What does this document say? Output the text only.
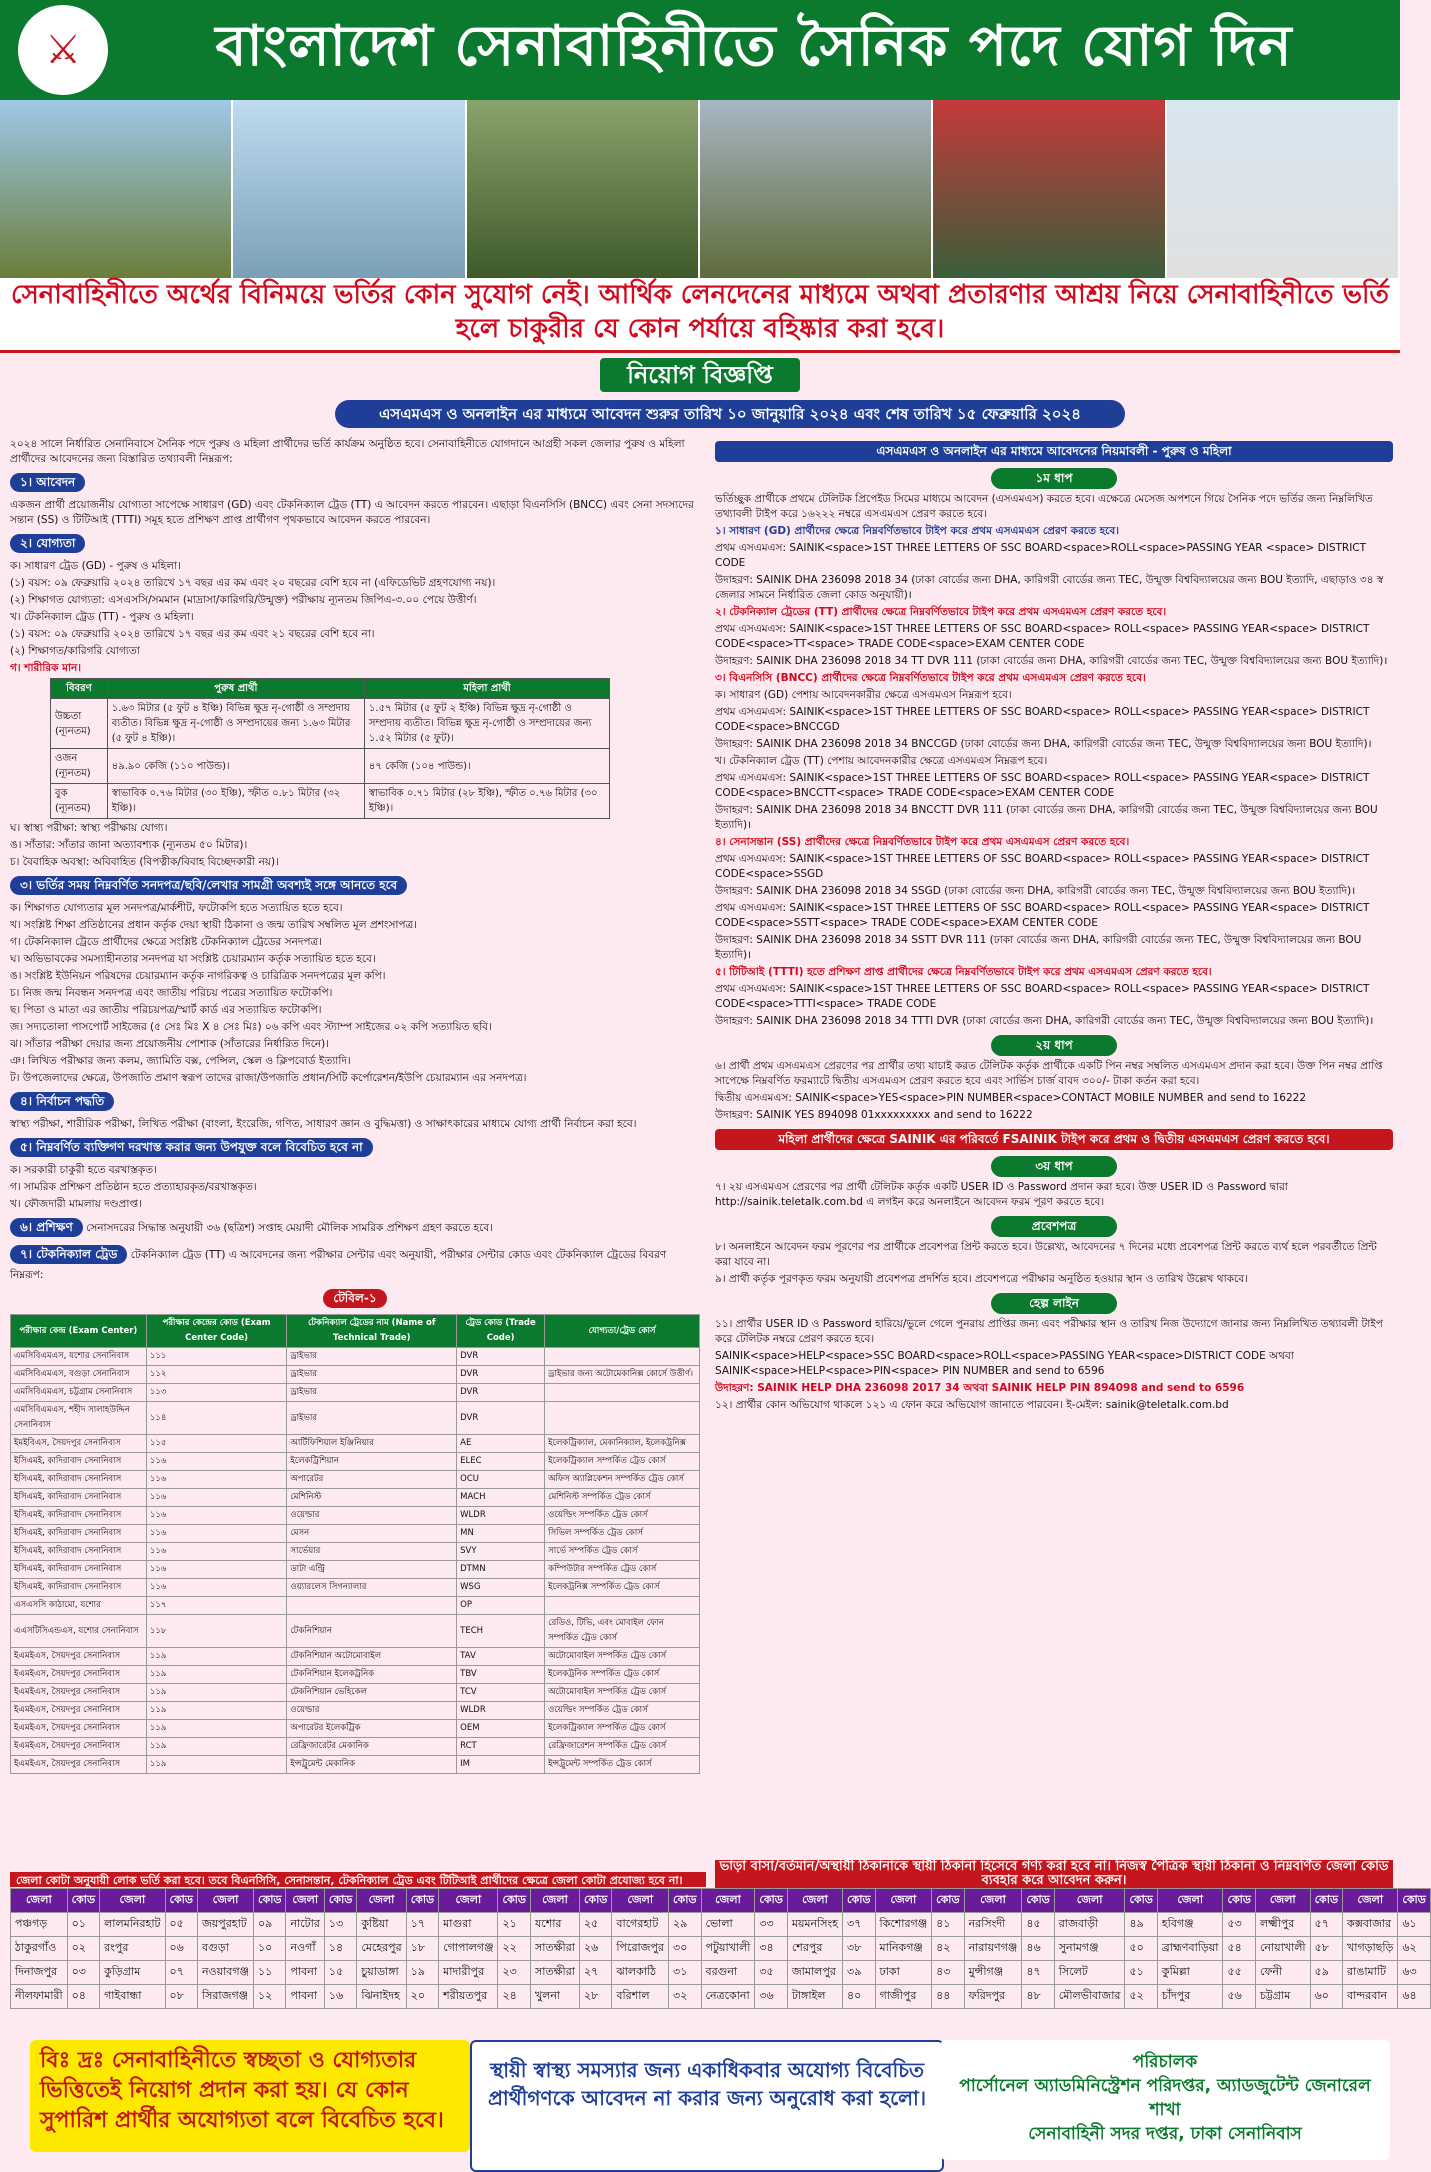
⚔	বাংলাদেশ সেনাবাহিনীতে সৈনিক পদে যোগ দিন
সেনাবাহিনীতে অর্থের বিনিময়ে ভর্তির কোন সুযোগ নেই। আর্থিক লেনদেনের মাধ্যমে অথবা প্রতারণার আশ্রয় নিয়ে সেনাবাহিনীতে ভর্তি হলে চাকুরীর যে কোন পর্যায়ে বহিষ্কার করা হবে।
নিয়োগ বিজ্ঞপ্তি
এসএমএস ও অনলাইন এর মাধ্যমে আবেদন শুরুর তারিখ ১০ জানুয়ারি ২০২৪ এবং শেষ তারিখ ১৫ ফেব্রুয়ারি ২০২৪
২০২৪ সালে নির্ধারিত সেনানিবাসে সৈনিক পদে পুরুষ ও মহিলা প্রার্থীদের ভর্তি কার্যক্রম অনুষ্ঠিত হবে। সেনাবাহিনীতে যোগদানে আগ্রহী সকল জেলার পুরুষ ও মহিলা প্রার্থীদের আবেদনের জন্য বিস্তারিত তথ্যাবলী নিম্নরূপ:
১। আবেদন
একজন প্রার্থী প্রয়োজনীয় যোগ্যতা সাপেক্ষে সাধারণ (GD) এবং টেকনিক্যাল ট্রেড (TT) এ আবেদন করতে পারবেন। এছাড়া বিএনসিসি (BNCC) এবং সেনা সদস্যদের সন্তান (SS) ও টিটিআই (TTTI) সমূহ হতে প্রশিক্ষণ প্রাপ্ত প্রার্থীগণ পৃথকভাবে আবেদন করতে পারবেন।
২। যোগ্যতা
ক। সাধারণ ট্রেড (GD) - পুরুষ ও মহিলা।
(১) বয়স: ০৯ ফেব্রুয়ারি ২০২৪ তারিখে ১৭ বছর এর কম এবং ২০ বছরের বেশি হবে না (এফিডেভিট গ্রহণযোগ্য নয়)।
(২) শিক্ষাগত যোগ্যতা: এসএসসি/সমমান (মাদ্রাসা/কারিগরি/উন্মুক্ত) পরীক্ষায় ন্যূনতম জিপিএ-৩.০০ পেয়ে উত্তীর্ণ।
খ। টেকনিক্যাল ট্রেড (TT) - পুরুষ ও মহিলা।
(১) বয়স: ০৯ ফেব্রুয়ারি ২০২৪ তারিখে ১৭ বছর এর কম এবং ২১ বছরের বেশি হবে না।
(২) শিক্ষাগত/কারিগরি যোগ্যতা
গ। শারীরিক মান।
বিবরণ	পুরুষ প্রার্থী	মহিলা প্রার্থী
উচ্চতা (ন্যূনতম)	১.৬৩ মিটার (৫ ফুট ৪ ইঞ্চি) বিভিন্ন ক্ষুদ্র নৃ-গোষ্ঠী ও সম্প্রদায় ব্যতীত। বিভিন্ন ক্ষুদ্র নৃ-গোষ্ঠী ও সম্প্রদায়ের জন্য ১.৬৩ মিটার (৫ ফুট ৪ ইঞ্চি)।	১.৫৭ মিটার (৫ ফুট ২ ইঞ্চি) বিভিন্ন ক্ষুদ্র নৃ-গোষ্ঠী ও সম্প্রদায় ব্যতীত। বিভিন্ন ক্ষুদ্র নৃ-গোষ্ঠী ও সম্প্রদায়ের জন্য ১.৫২ মিটার (৫ ফুট)।
ওজন (ন্যূনতম)	৪৯.৯০ কেজি (১১০ পাউন্ড)।	৪৭ কেজি (১০৪ পাউন্ড)।
বুক (ন্যূনতম)	স্বাভাবিক ০.৭৬ মিটার (৩০ ইঞ্চি), স্ফীত ০.৮১ মিটার (৩২ ইঞ্চি)।	স্বাভাবিক ০.৭১ মিটার (২৮ ইঞ্চি), স্ফীত ০.৭৬ মিটার (৩০ ইঞ্চি)।
ঘ। স্বাস্থ্য পরীক্ষা: স্বাস্থ্য পরীক্ষায় যোগ্য।
ঙ। সাঁতার: সাঁতার জানা অত্যাবশ্যক (ন্যূনতম ৫০ মিটার)।
চ। বৈবাহিক অবস্থা: অবিবাহিত (বিপত্নীক/বিবাহ বিচ্ছেদকারী নয়)।
৩। ভর্তির সময় নিম্নবর্ণিত সনদপত্র/ছবি/লেখার সামগ্রী অবশ্যই সঙ্গে আনতে হবে
ক। শিক্ষাগত যোগ্যতার মূল সনদপত্র/মার্কশীট, ফটোকপি হতে সত্যায়িত হতে হবে।
খ। সংশ্লিষ্ট শিক্ষা প্রতিষ্ঠানের প্রধান কর্তৃক দেয়া স্থায়ী ঠিকানা ও জন্ম তারিখ সম্বলিত মূল প্রশংসাপত্র।
গ। টেকনিক্যাল ট্রেডে প্রার্থীদের ক্ষেত্রে সংশ্লিষ্ট টেকনিক্যাল ট্রেডের সনদপত্র।
ঘ। অভিভাবকের সমস্যাহীনতার সনদপত্র যা সংশ্লিষ্ট চেয়ারম্যান কর্তৃক সত্যায়িত হতে হবে।
ঙ। সংশ্লিষ্ট ইউনিয়ন পরিষদের চেয়ারম্যান কর্তৃক নাগরিকত্ব ও চারিত্রিক সনদপত্রের মূল কপি।
চ। নিজ জন্ম নিবন্ধন সনদপত্র এবং জাতীয় পরিচয় পত্রের সত্যায়িত ফটোকপি।
ছ। পিতা ও মাতা এর জাতীয় পরিচয়পত্র/স্মার্ট কার্ড এর সত্যায়িত ফটোকপি।
জ। সদ্যতোলা পাসপোর্ট সাইজের (৫ সেঃ মিঃ X ৪ সেঃ মিঃ) ০৬ কপি এবং স্ট্যাম্প সাইজের ০২ কপি সত্যায়িত ছবি।
ঝ। সাঁতার পরীক্ষা দেয়ার জন্য প্রয়োজনীয় পোশাক (সাঁতারের নির্ধারিত দিনে)।
ঞ। লিখিত পরীক্ষার জন্য কলম, জ্যামিতি বক্স, পেন্সিল, স্কেল ও ক্লিপবোর্ড ইত্যাদি।
ট। উপজেলাদের ক্ষেত্রে, উপজাতি প্রমাণ স্বরূপ তাদের রাজা/উপজাতি প্রধান/সিটি কর্পোরেশন/ইউপি চেয়ারম্যান এর সনদপত্র।
৪। নির্বাচন পদ্ধতি
স্বাস্থ্য পরীক্ষা, শারীরিক পরীক্ষা, লিখিত পরীক্ষা (বাংলা, ইংরেজি, গণিত, সাধারণ জ্ঞান ও বুদ্ধিমত্তা) ও সাক্ষাৎকারের মাধ্যমে যোগ্য প্রার্থী নির্বাচন করা হবে।
৫। নিম্নবর্ণিত ব্যক্তিগণ দরখাস্ত করার জন্য উপযুক্ত বলে বিবেচিত হবে না
ক। সরকারী চাকুরী হতে বরখাস্তকৃত।
গ। সামরিক প্রশিক্ষণ প্রতিষ্ঠান হতে প্রত্যাহারকৃত/বরখাস্তকৃত।
খ। ফৌজদারী মামলায় দণ্ডপ্রাপ্ত।
৬। প্রশিক্ষণ সেনাসদরের সিদ্ধান্ত অনুযায়ী ৩৬ (ছত্রিশ) সপ্তাহ মেয়াদী মৌলিক সামরিক প্রশিক্ষণ গ্রহণ করতে হবে।
৭। টেকনিক্যাল ট্রেড টেকনিক্যাল ট্রেড (TT) এ আবেদনের জন্য পরীক্ষার সেন্টার এবং অনুযায়ী, পরীক্ষার সেন্টার কোড এবং টেকনিক্যাল ট্রেডের বিবরণ নিম্নরূপ:
টেবিল-১
পরীক্ষার কেন্দ্র (Exam Center)	পরীক্ষার কেন্দ্রের কোড (Exam Center Code)	টেকনিক্যাল ট্রেডের নাম (Name of Technical Trade)	ট্রেড কোড (Trade Code)	যোগ্যতা/ট্রেড কোর্স
এমসিবিএমএস, যশোর সেনানিবাস	১১১	ড্রাইভার	DVR	
এমসিবিএমএস, বগুড়া সেনানিবাস	১১২	ড্রাইভার	DVR	ড্রাইভার জন্য অটোমেকানিক্স কোর্সে উত্তীর্ণ।
এমসিবিএমএস, চট্টগ্রাম সেনানিবাস	১১৩	ড্রাইভার	DVR	
এমসিবিএমএস, শহীদ সালাহউদ্দিন সেনানিবাস	১১৪	ড্রাইভার	DVR	
ইমইবিএস, সৈয়দপুর সেনানিবাস	১১৫	আর্টিফিশিয়াল ইঞ্জিনিয়ার	AE	ইলেকট্রিক্যাল, মেকানিক্যাল, ইলেকট্রনিক্স
ইসিএমই, কাদিরাবাদ সেনানিবাস	১১৬	ইলেকট্রিশিয়ান	ELEC	ইলেকট্রিক্যাল সম্পর্কিত ট্রেড কোর্স
ইসিএমই, কাদিরাবাদ সেনানিবাস	১১৬	অপারেটর	OCU	অফিস অ্যাপ্লিকেশন সম্পর্কিত ট্রেড কোর্স
ইসিএমই, কাদিরাবাদ সেনানিবাস	১১৬	মেশিনিস্ট	MACH	মেশিনিস্ট সম্পর্কিত ট্রেড কোর্স
ইসিএমই, কাদিরাবাদ সেনানিবাস	১১৬	ওয়েল্ডার	WLDR	ওয়েল্ডিং সম্পর্কিত ট্রেড কোর্স
ইসিএমই, কাদিরাবাদ সেনানিবাস	১১৬	মেসন	MN	সিভিল সম্পর্কিত ট্রেড কোর্স
ইসিএমই, কাদিরাবাদ সেনানিবাস	১১৬	সার্ভেয়ার	SVY	সার্ভে সম্পর্কিত ট্রেড কোর্স
ইসিএমই, কাদিরাবাদ সেনানিবাস	১১৬	ডাটা এন্ট্রি	DTMN	কম্পিউটার সম্পর্কিত ট্রেড কোর্স
ইসিএমই, কাদিরাবাদ সেনানিবাস	১১৬	ওয়্যারলেস সিগন্যালার	WSG	ইলেকট্রনিক্স সম্পর্কিত ট্রেড কোর্স
এসএসসি কাঠামো, যশোর	১১৭		OP	
এএসটিসিএন্ডএস, যশোর সেনানিবাস	১১৮	টেকনিশিয়ান	TECH	রেডিও, টিভি, এবং মোবাইল ফোন সম্পর্কিত ট্রেড কোর্স
ইএমইএস, সৈয়দপুর সেনানিবাস	১১৯	টেকনিশিয়ান অটোমোবাইল	TAV	অটোমোবাইল সম্পর্কিত ট্রেড কোর্স
ইএমইএস, সৈয়দপুর সেনানিবাস	১১৯	টেকনিশিয়ান ইলেকট্রনিক	TBV	ইলেকট্রনিক সম্পর্কিত ট্রেড কোর্স
ইএমইএস, সৈয়দপুর সেনানিবাস	১১৯	টেকনিশিয়ান ভেহিকেল	TCV	অটোমোবাইল সম্পর্কিত ট্রেড কোর্স
ইএমইএস, সৈয়দপুর সেনানিবাস	১১৯	ওয়েল্ডার	WLDR	ওয়েল্ডিং সম্পর্কিত ট্রেড কোর্স
ইএমইএস, সৈয়দপুর সেনানিবাস	১১৯	অপারেটর ইলেকট্রিক	OEM	ইলেকট্রিক্যাল সম্পর্কিত ট্রেড কোর্স
ইএমইএস, সৈয়দপুর সেনানিবাস	১১৯	রেফ্রিজারেটর মেকানিক	RCT	রেফ্রিজারেশন সম্পর্কিত ট্রেড কোর্স
ইএমইএস, সৈয়দপুর সেনানিবাস	১১৯	ইন্সট্রুমেন্ট মেকানিক	IM	ইন্সট্রুমেন্ট সম্পর্কিত ট্রেড কোর্স
এসএমএস ও অনলাইন এর মাধ্যমে আবেদনের নিয়মাবলী - পুরুষ ও মহিলা
১ম ধাপ
ভর্তিচ্ছুক প্রার্থীকে প্রথমে টেলিটক প্রিপেইড সিমের মাধ্যমে আবেদন (এসএমএস) করতে হবে। এক্ষেত্রে মেসেজ অপশনে গিয়ে সৈনিক পদে ভর্তির জন্য নিম্নলিখিত তথ্যাবলী টাইপ করে ১৬২২২ নম্বরে এসএমএস প্রেরণ করতে হবে।
১। সাধারণ (GD) প্রার্থীদের ক্ষেত্রে নিম্নবর্ণিতভাবে টাইপ করে প্রথম এসএমএস প্রেরণ করতে হবে।
প্রথম এসএমএস: SAINIK<space>1ST THREE LETTERS OF SSC BOARD<space>ROLL<space>PASSING YEAR <space> DISTRICT CODE
উদাহরণ: SAINIK DHA 236098 2018 34 (ঢাকা বোর্ডের জন্য DHA, কারিগরী বোর্ডের জন্য TEC, উন্মুক্ত বিশ্ববিদ্যালয়ের জন্য BOU ইত্যাদি, এছাড়াও ৩৪ স্ব জেলার সামনে নির্ধারিত জেলা কোড অনুযায়ী)।
২। টেকনিক্যাল ট্রেডের (TT) প্রার্থীদের ক্ষেত্রে নিম্নবর্ণিতভাবে টাইপ করে প্রথম এসএমএস প্রেরণ করতে হবে।
প্রথম এসএমএস: SAINIK<space>1ST THREE LETTERS OF SSC BOARD<space> ROLL<space> PASSING YEAR<space> DISTRICT CODE<space>TT<space> TRADE CODE<space>EXAM CENTER CODE
উদাহরণ: SAINIK DHA 236098 2018 34 TT DVR 111 (ঢাকা বোর্ডের জন্য DHA, কারিগরী বোর্ডের জন্য TEC, উন্মুক্ত বিশ্ববিদ্যালয়ের জন্য BOU ইত্যাদি)।
৩। বিএনসিসি (BNCC) প্রার্থীদের ক্ষেত্রে নিম্নবর্ণিতভাবে টাইপ করে প্রথম এসএমএস প্রেরণ করতে হবে।
ক। সাধারণ (GD) পেশায় আবেদনকারীর ক্ষেত্রে এসএমএস নিম্নরূপ হবে।
প্রথম এসএমএস: SAINIK<space>1ST THREE LETTERS OF SSC BOARD<space> ROLL<space> PASSING YEAR<space> DISTRICT CODE<space>BNCCGD
উদাহরণ: SAINIK DHA 236098 2018 34 BNCCGD (ঢাকা বোর্ডের জন্য DHA, কারিগরী বোর্ডের জন্য TEC, উন্মুক্ত বিশ্ববিদ্যালয়ের জন্য BOU ইত্যাদি)।
খ। টেকনিক্যাল ট্রেড (TT) পেশায় আবেদনকারীর ক্ষেত্রে এসএমএস নিম্নরূপ হবে।
প্রথম এসএমএস: SAINIK<space>1ST THREE LETTERS OF SSC BOARD<space> ROLL<space> PASSING YEAR<space> DISTRICT CODE<space>BNCCTT<space> TRADE CODE<space>EXAM CENTER CODE
উদাহরণ: SAINIK DHA 236098 2018 34 BNCCTT DVR 111 (ঢাকা বোর্ডের জন্য DHA, কারিগরী বোর্ডের জন্য TEC, উন্মুক্ত বিশ্ববিদ্যালয়ের জন্য BOU ইত্যাদি)।
৪। সেনাসন্তান (SS) প্রার্থীদের ক্ষেত্রে নিম্নবর্ণিতভাবে টাইপ করে প্রথম এসএমএস প্রেরণ করতে হবে।
প্রথম এসএমএস: SAINIK<space>1ST THREE LETTERS OF SSC BOARD<space> ROLL<space> PASSING YEAR<space> DISTRICT CODE<space>SSGD
উদাহরণ: SAINIK DHA 236098 2018 34 SSGD (ঢাকা বোর্ডের জন্য DHA, কারিগরী বোর্ডের জন্য TEC, উন্মুক্ত বিশ্ববিদ্যালয়ের জন্য BOU ইত্যাদি)।
প্রথম এসএমএস: SAINIK<space>1ST THREE LETTERS OF SSC BOARD<space> ROLL<space> PASSING YEAR<space> DISTRICT CODE<space>SSTT<space> TRADE CODE<space>EXAM CENTER CODE
উদাহরণ: SAINIK DHA 236098 2018 34 SSTT DVR 111 (ঢাকা বোর্ডের জন্য DHA, কারিগরী বোর্ডের জন্য TEC, উন্মুক্ত বিশ্ববিদ্যালয়ের জন্য BOU ইত্যাদি)।
৫। টিটিআই (TTTI) হতে প্রশিক্ষণ প্রাপ্ত প্রার্থীদের ক্ষেত্রে নিম্নবর্ণিতভাবে টাইপ করে প্রথম এসএমএস প্রেরণ করতে হবে।
প্রথম এসএমএস: SAINIK<space>1ST THREE LETTERS OF SSC BOARD<space> ROLL<space> PASSING YEAR<space> DISTRICT CODE<space>TTTI<space> TRADE CODE
উদাহরণ: SAINIK DHA 236098 2018 34 TTTI DVR (ঢাকা বোর্ডের জন্য DHA, কারিগরী বোর্ডের জন্য TEC, উন্মুক্ত বিশ্ববিদ্যালয়ের জন্য BOU ইত্যাদি)।
২য় ধাপ
৬। প্রার্থী প্রথম এসএমএস প্রেরণের পর প্রার্থীর তথ্য যাচাই করত টেলিটক কর্তৃক প্রার্থীকে একটি পিন নম্বর সম্বলিত এসএমএস প্রদান করা হবে। উক্ত পিন নম্বর প্রাপ্তি সাপেক্ষে নিম্নবর্ণিত ফরম্যাটে দ্বিতীয় এসএমএস প্রেরণ করতে হবে এবং সার্ভিস চার্জ বাবদ ৩০০/- টাকা কর্তন করা হবে।
দ্বিতীয় এসএমএস: SAINIK<space>YES<space>PIN NUMBER<space>CONTACT MOBILE NUMBER and send to 16222
উদাহরণ: SAINIK YES 894098 01xxxxxxxxx and send to 16222
মহিলা প্রার্থীদের ক্ষেত্রে SAINIK এর পরিবর্তে FSAINIK টাইপ করে প্রথম ও দ্বিতীয় এসএমএস প্রেরণ করতে হবে।
৩য় ধাপ
৭। ২য় এসএমএস প্রেরণের পর প্রার্থী টেলিটক কর্তৃক একটি USER ID ও Password প্রদান করা হবে। উক্ত USER ID ও Password দ্বারা http://sainik.teletalk.com.bd এ লগইন করে অনলাইনে আবেদন ফরম পূরণ করতে হবে।
প্রবেশপত্র
৮। অনলাইনে আবেদন ফরম পূরণের পর প্রার্থীকে প্রবেশপত্র প্রিন্ট করতে হবে। উল্লেখ্য, আবেদনের ৭ দিনের মধ্যে প্রবেশপত্র প্রিন্ট করতে ব্যর্থ হলে পরবর্তীতে প্রিন্ট করা যাবে না।
৯। প্রার্থী কর্তৃক পূরণকৃত ফরম অনুযায়ী প্রবেশপত্র প্রদর্শিত হবে। প্রবেশপত্রে পরীক্ষার অনুষ্ঠিত হওয়ার স্থান ও তারিখ উল্লেখ থাকবে।
হেল্প লাইন
১১। প্রার্থীর USER ID ও Password হারিয়ে/ভুলে গেলে পুনরায় প্রাপ্তির জন্য এবং পরীক্ষার স্থান ও তারিখ নিজ উদ্যোগে জানার জন্য নিম্নলিখিত তথ্যাবলী টাইপ করে টেলিটক নম্বরে প্রেরণ করতে হবে।
SAINIK<space>HELP<space>SSC BOARD<space>ROLL<space>PASSING YEAR<space>DISTRICT CODE অথবা SAINIK<space>HELP<space>PIN<space> PIN NUMBER and send to 6596
উদাহরণ: SAINIK HELP DHA 236098 2017 34 অথবা SAINIK HELP PIN 894098 and send to 6596
১২। প্রার্থীর কোন অভিযোগ থাকলে ১২১ এ ফোন করে অভিযোগ জানাতে পারবেন। ই-মেইল: sainik@teletalk.com.bd
জেলা কোটা অনুযায়ী লোক ভর্তি করা হবে। তবে বিএনসিসি, সেনাসন্তান, টেকনিক্যাল ট্রেড এবং টিটিআই প্রার্থীদের ক্ষেত্রে জেলা কোটা প্রযোজ্য হবে না।
ভাড়া বাসা/বর্তমান/অস্থায়ী ঠিকানাকে স্থায়ী ঠিকানা হিসেবে গণ্য করা হবে না। নিজস্ব পৈত্রিক স্থায়ী ঠিকানা ও নিম্নবর্ণিত জেলা কোড ব্যবহার করে আবেদন করুন।
জেলা	কোড	জেলা	কোড	জেলা	কোড	জেলা	কোড	জেলা	কোড	জেলা	কোড	জেলা	কোড	জেলা	কোড	জেলা	কোড	জেলা	কোড	জেলা	কোড	জেলা	কোড	জেলা	কোড	জেলা	কোড	জেলা	কোড	জেলা	কোড
পঞ্চগড়	০১	লালমনিরহাট	০৫	জয়পুরহাট	০৯	নাটোর	১৩	কুষ্টিয়া	১৭	মাগুরা	২১	যশোর	২৫	বাগেরহাট	২৯	ভোলা	৩৩	ময়মনসিংহ	৩৭	কিশোরগঞ্জ	৪১	নরসিংদী	৪৫	রাজবাড়ী	৪৯	হবিগঞ্জ	৫৩	লক্ষ্মীপুর	৫৭	কক্সবাজার	৬১
ঠাকুরগাঁও	০২	রংপুর	০৬	বগুড়া	১০	নওগাঁ	১৪	মেহেরপুর	১৮	গোপালগঞ্জ	২২	সাতক্ষীরা	২৬	পিরোজপুর	৩০	পটুয়াখালী	৩৪	শেরপুর	৩৮	মানিকগঞ্জ	৪২	নারায়ণগঞ্জ	৪৬	সুনামগঞ্জ	৫০	ব্রাহ্মণবাড়িয়া	৫৪	নোয়াখালী	৫৮	খাগড়াছড়ি	৬২
দিনাজপুর	০৩	কুড়িগ্রাম	০৭	নওয়াবগঞ্জ	১১	পাবনা	১৫	চুয়াডাঙ্গা	১৯	মাদারীপুর	২৩	সাতক্ষীরা	২৭	ঝালকাঠি	৩১	বরগুনা	৩৫	জামালপুর	৩৯	ঢাকা	৪৩	মুন্সীগঞ্জ	৪৭	সিলেট	৫১	কুমিল্লা	৫৫	ফেনী	৫৯	রাঙামাটি	৬৩
নীলফামারী	০৪	গাইবান্ধা	০৮	সিরাজগঞ্জ	১২	পাবনা	১৬	ঝিনাইদহ	২০	শরীয়তপুর	২৪	খুলনা	২৮	বরিশাল	৩২	নেত্রকোনা	৩৬	টাঙ্গাইল	৪০	গাজীপুর	৪৪	ফরিদপুর	৪৮	মৌলভীবাজার	৫২	চাঁদপুর	৫৬	চট্টগ্রাম	৬০	বান্দরবান	৬৪
বিঃ দ্রঃ সেনাবাহিনীতে স্বচ্ছতা ও যোগ্যতার ভিত্তিতেই নিয়োগ প্রদান করা হয়। যে কোন সুপারিশ প্রার্থীর অযোগ্যতা বলে বিবেচিত হবে।
স্থায়ী স্বাস্থ্য সমস্যার জন্য একাধিকবার অযোগ্য বিবেচিত প্রার্থীগণকে আবেদন না করার জন্য অনুরোধ করা হলো।
পরিচালক
পার্সোনেল অ্যাডমিনিস্ট্রেশন পরিদপ্তর, অ্যাডজুটেন্ট জেনারেল শাখা
সেনাবাহিনী সদর দপ্তর, ঢাকা সেনানিবাস
